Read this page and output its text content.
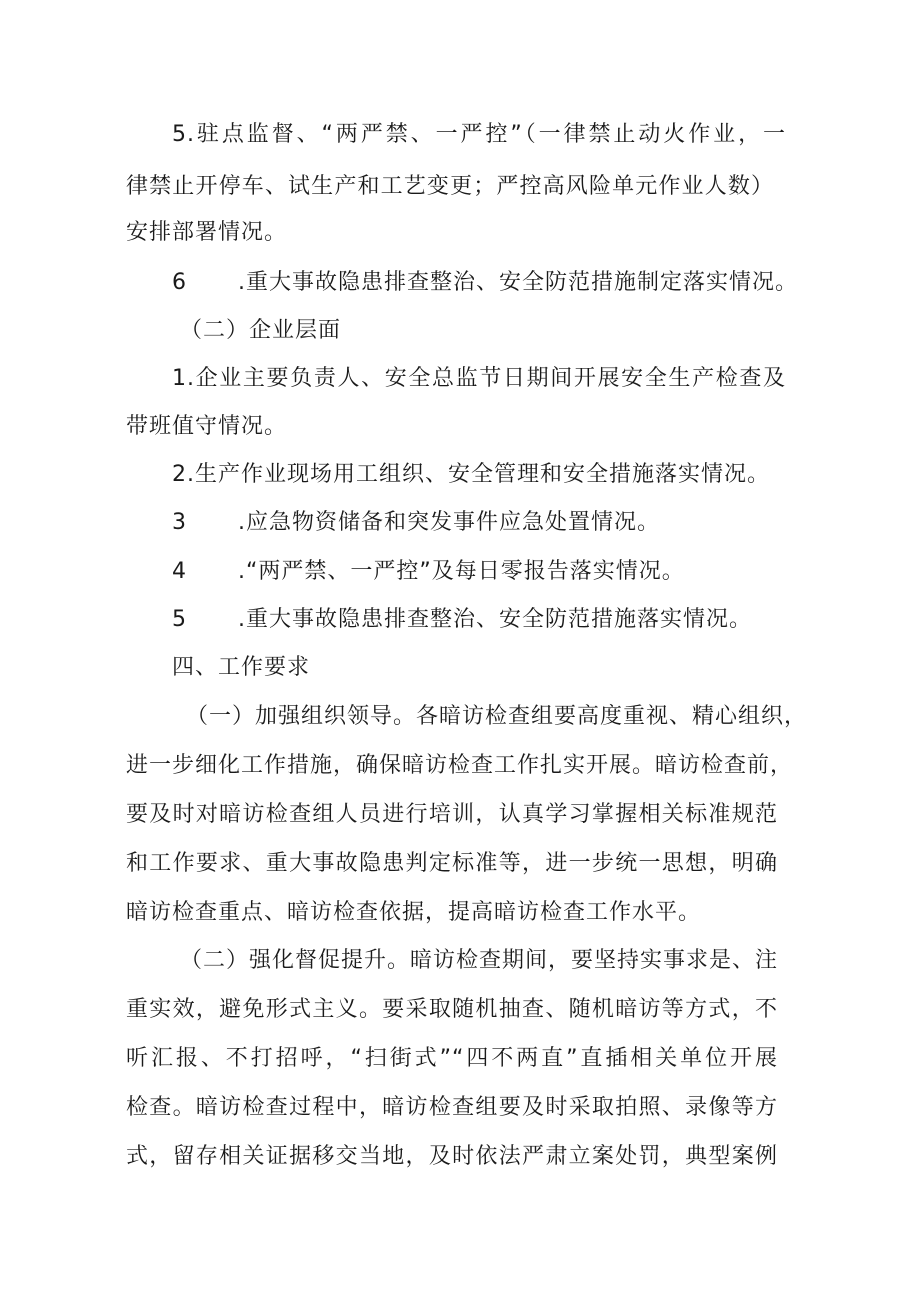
5.驻点监督、“两严禁、一严控”（一律禁止动火作业，一
律禁止开停车、试生产和工艺变更；严控高风险单元作业人数）
安排部署情况。
6 .重大事故隐患排查整治、安全防范措施制定落实情况。
（二）企业层面
1.企业主要负责人、安全总监节日期间开展安全生产检查及
带班值守情况。
2.生产作业现场用工组织、安全管理和安全措施落实情况。
3 .应急物资储备和突发事件应急处置情况。
4 .“两严禁、一严控”及每日零报告落实情况。
5 .重大事故隐患排查整治、安全防范措施落实情况。
四、工作要求
（一）加强组织领导。各暗访检查组要高度重视、精心组织，
进一步细化工作措施，确保暗访检查工作扎实开展。暗访检查前，
要及时对暗访检查组人员进行培训，认真学习掌握相关标准规范
和工作要求、重大事故隐患判定标准等，进一步统一思想，明确
暗访检查重点、暗访检查依据，提高暗访检查工作水平。
（二）强化督促提升。暗访检查期间，要坚持实事求是、注
重实效，避免形式主义。要采取随机抽查、随机暗访等方式，不
听汇报、不打招呼，“扫街式”“四不两直”直插相关单位开展
检查。暗访检查过程中，暗访检查组要及时采取拍照、录像等方
式，留存相关证据移交当地，及时依法严肃立案处罚，典型案例
